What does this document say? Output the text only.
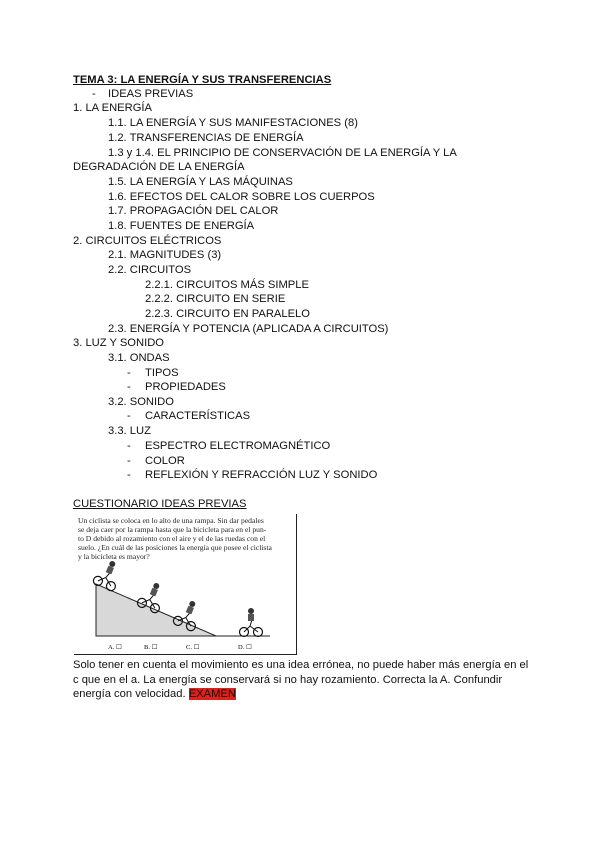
TEMA 3: LA ENERGÍA Y SUS TRANSFERENCIAS
- IDEAS PREVIAS
1. LA ENERGÍA
1.1. LA ENERGÍA Y SUS MANIFESTACIONES (8)
1.2. TRANSFERENCIAS DE ENERGÍA
1.3 y 1.4. EL PRINCIPIO DE CONSERVACIÓN DE LA ENERGÍA Y LA
DEGRADACIÓN DE LA ENERGÍA
1.5. LA ENERGÍA Y LAS MÁQUINAS
1.6. EFECTOS DEL CALOR SOBRE LOS CUERPOS
1.7. PROPAGACIÓN DEL CALOR
1.8. FUENTES DE ENERGÍA
2. CIRCUITOS ELÉCTRICOS
2.1. MAGNITUDES (3)
2.2. CIRCUITOS
2.2.1. CIRCUITOS MÁS SIMPLE
2.2.2. CIRCUITO EN SERIE
2.2.3. CIRCUITO EN PARALELO
2.3. ENERGÍA Y POTENCIA (APLICADA A CIRCUITOS)
3. LUZ Y SONIDO
3.1. ONDAS
- TIPOS
- PROPIEDADES
3.2. SONIDO
- CARACTERÍSTICAS
3.3. LUZ
- ESPECTRO ELECTROMAGNÉTICO
- COLOR
- REFLEXIÓN Y REFRACCIÓN LUZ Y SONIDO
CUESTIONARIO IDEAS PREVIAS
Un ciclista se coloca en lo alto de una rampa. Sin dar pedales
se deja caer por la rampa hasta que la bicicleta para en el pun-
to D debido al rozamiento con el aire y el de las ruedas con el
suelo. ¿En cuál de las posiciones la energía que posee el ciclista
y la bicicleta es mayor?
A. ☐	B. ☐	C. ☐	D. ☐
Solo tener en cuenta el movimiento es una idea errónea, no puede haber más energía en el c que en el a. La energía se conservará si no hay rozamiento. Correcta la A. Confundir energía con velocidad. EXAMEN
